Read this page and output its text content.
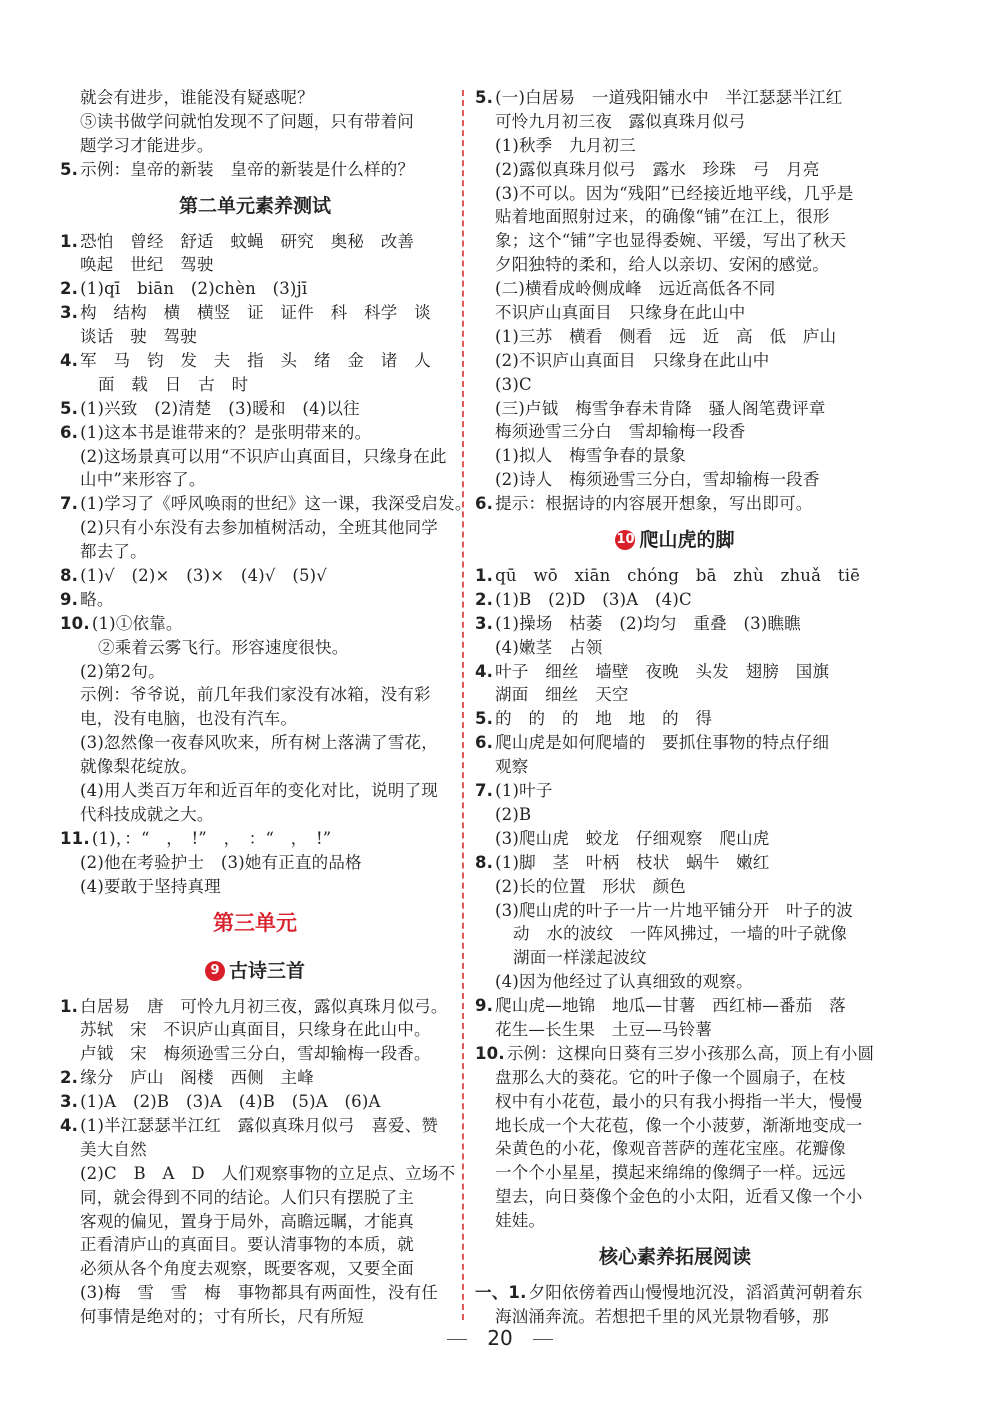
就会有进步，谁能没有疑惑呢？
⑤读书做学问就怕发现不了问题，只有带着问
题学习才能进步。
5. 示例：皇帝的新装　皇帝的新装是什么样的？
第二单元素养测试
1. 恐怕　曾经　舒适　蚊蝇　研究　奥秘　改善
唤起　世纪　驾驶
2. (1)qī　biān　(2)chèn　(3)jī
3. 构　结构　横　横竖　证　证件　科　科学　谈
谈话　驶　驾驶
4. 军　马　钧　发　夫　指　头　绪　金　诸　人
面　载　日　古　时
5. (1)兴致　(2)清楚　(3)暖和　(4)以往
6. (1)这本书是谁带来的？是张明带来的。
(2)这场景真可以用“不识庐山真面目，只缘身在此
山中”来形容了。
7. (1)学习了《呼风唤雨的世纪》这一课，我深受启发。
(2)只有小东没有去参加植树活动，全班其他同学
都去了。
8. (1)√　(2)×　(3)×　(4)√　(5)√
9. 略。
10. (1)①依靠。
②乘着云雾飞行。形容速度很快。
(2)第2句。
示例：爷爷说，前几年我们家没有冰箱，没有彩
电，没有电脑，也没有汽车。
(3)忽然像一夜春风吹来，所有树上落满了雪花，
就像梨花绽放。
(4)用人类百万年和近百年的变化对比，说明了现
代科技成就之大。
11. (1)，：“　，　!”　，　：“　，　!”
(2)他在考验护士　(3)她有正直的品格
(4)要敢于坚持真理
第三单元
9 古诗三首
1. 白居易　唐　可怜九月初三夜，露似真珠月似弓。
苏轼　宋　不识庐山真面目，只缘身在此山中。
卢钺　宋　梅须逊雪三分白，雪却输梅一段香。
2. 缘分　庐山　阁楼　西侧　主峰
3. (1)A　(2)B　(3)A　(4)B　(5)A　(6)A
4. (1)半江瑟瑟半江红　露似真珠月似弓　喜爱、赞
美大自然
(2)C　B　A　D　人们观察事物的立足点、立场不
同，就会得到不同的结论。人们只有摆脱了主
客观的偏见，置身于局外，高瞻远瞩，才能真
正看清庐山的真面目。要认清事物的本质，就
必须从各个角度去观察，既要客观，又要全面
(3)梅　雪　雪　梅　事物都具有两面性，没有任
何事情是绝对的；寸有所长，尺有所短
5. (一)白居易　一道残阳铺水中　半江瑟瑟半江红
可怜九月初三夜　露似真珠月似弓
(1)秋季　九月初三
(2)露似真珠月似弓　露水　珍珠　弓　月亮
(3)不可以。因为“残阳”已经接近地平线，几乎是
贴着地面照射过来，的确像“铺”在江上，很形
象；这个“铺”字也显得委婉、平缓，写出了秋天
夕阳独特的柔和，给人以亲切、安闲的感觉。
(二)横看成岭侧成峰　远近高低各不同
不识庐山真面目　只缘身在此山中
(1)三苏　横看　侧看　远　近　高　低　庐山
(2)不识庐山真面目　只缘身在此山中
(3)C
(三)卢钺　梅雪争春未肯降　骚人阁笔费评章
梅须逊雪三分白　雪却输梅一段香
(1)拟人　梅雪争春的景象
(2)诗人　梅须逊雪三分白，雪却输梅一段香
6. 提示：根据诗的内容展开想象，写出即可。
10 爬山虎的脚
1. qū　wō　xiān　chóng　bā　zhù　zhuǎ　tiē
2. (1)B　(2)D　(3)A　(4)C
3. (1)操场　枯萎　(2)均匀　重叠　(3)瞧瞧
(4)嫩茎　占领
4. 叶子　细丝　墙壁　夜晚　头发　翅膀　国旗
湖面　细丝　天空
5. 的　的　的　地　地　的　得
6. 爬山虎是如何爬墙的　要抓住事物的特点仔细
观察
7. (1)叶子
(2)B
(3)爬山虎　蛟龙　仔细观察　爬山虎
8. (1)脚　茎　叶柄　枝状　蜗牛　嫩红
(2)长的位置　形状　颜色
(3)爬山虎的叶子一片一片地平铺分开　叶子的波
动　水的波纹　一阵风拂过，一墙的叶子就像
湖面一样漾起波纹
(4)因为他经过了认真细致的观察。
9. 爬山虎—地锦　地瓜—甘薯　西红柿—番茄　落
花生—长生果　土豆—马铃薯
10. 示例：这棵向日葵有三岁小孩那么高，顶上有小圆
盘那么大的葵花。它的叶子像一个圆扇子，在枝
杈中有小花苞，最小的只有我小拇指一半大，慢慢
地长成一个大花苞，像一个小菠萝，渐渐地变成一
朵黄色的小花，像观音菩萨的莲花宝座。花瓣像
一个个小星星，摸起来绵绵的像绸子一样。远远
望去，向日葵像个金色的小太阳，近看又像一个小
娃娃。
核心素养拓展阅读
一、1. 夕阳依傍着西山慢慢地沉没，滔滔黄河朝着东
海汹涌奔流。若想把千里的风光景物看够，那
20
